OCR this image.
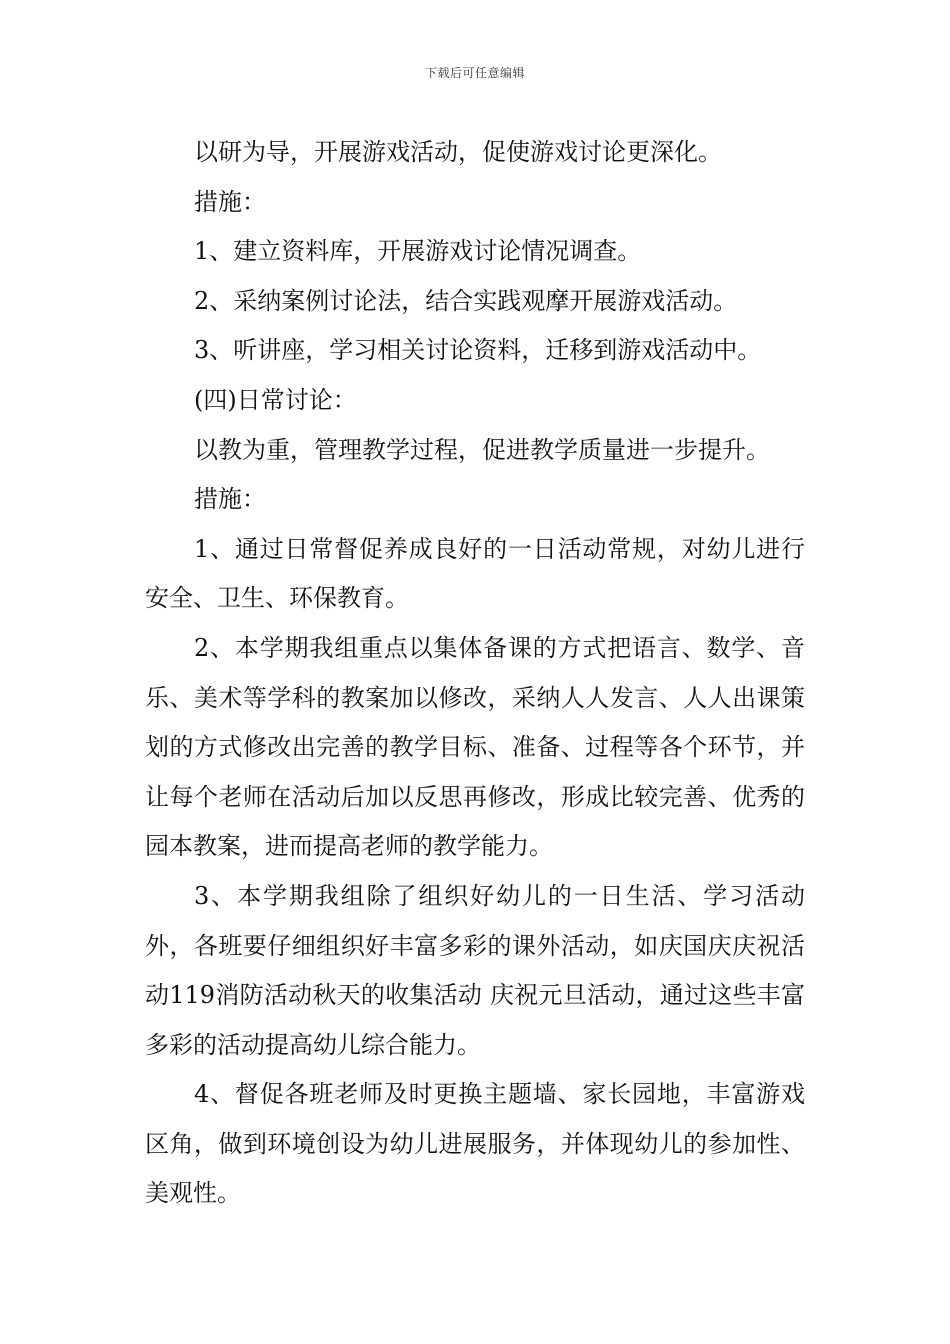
下载后可任意编辑

以研为导，开展游戏活动，促使游戏讨论更深化。

措施：

1、建立资料库，开展游戏讨论情况调查。

2、采纳案例讨论法，结合实践观摩开展游戏活动。

3、听讲座，学习相关讨论资料，迁移到游戏活动中。

(四)日常讨论：

以教为重，管理教学过程，促进教学质量进一步提升。

措施：

1、通过日常督促养成良好的一日活动常规，对幼儿进行安全、卫生、环保教育。

2、本学期我组重点以集体备课的方式把语言、数学、音乐、美术等学科的教案加以修改，采纳人人发言、人人出课策划的方式修改出完善的教学目标、准备、过程等各个环节，并让每个老师在活动后加以反思再修改，形成比较完善、优秀的园本教案，进而提高老师的教学能力。

3、本学期我组除了组织好幼儿的一日生活、学习活动外，各班要仔细组织好丰富多彩的课外活动，如庆国庆庆祝活动119消防活动秋天的收集活动 庆祝元旦活动，通过这些丰富多彩的活动提高幼儿综合能力。

4、督促各班老师及时更换主题墙、家长园地，丰富游戏区角，做到环境创设为幼儿进展服务，并体现幼儿的参加性、美观性。
